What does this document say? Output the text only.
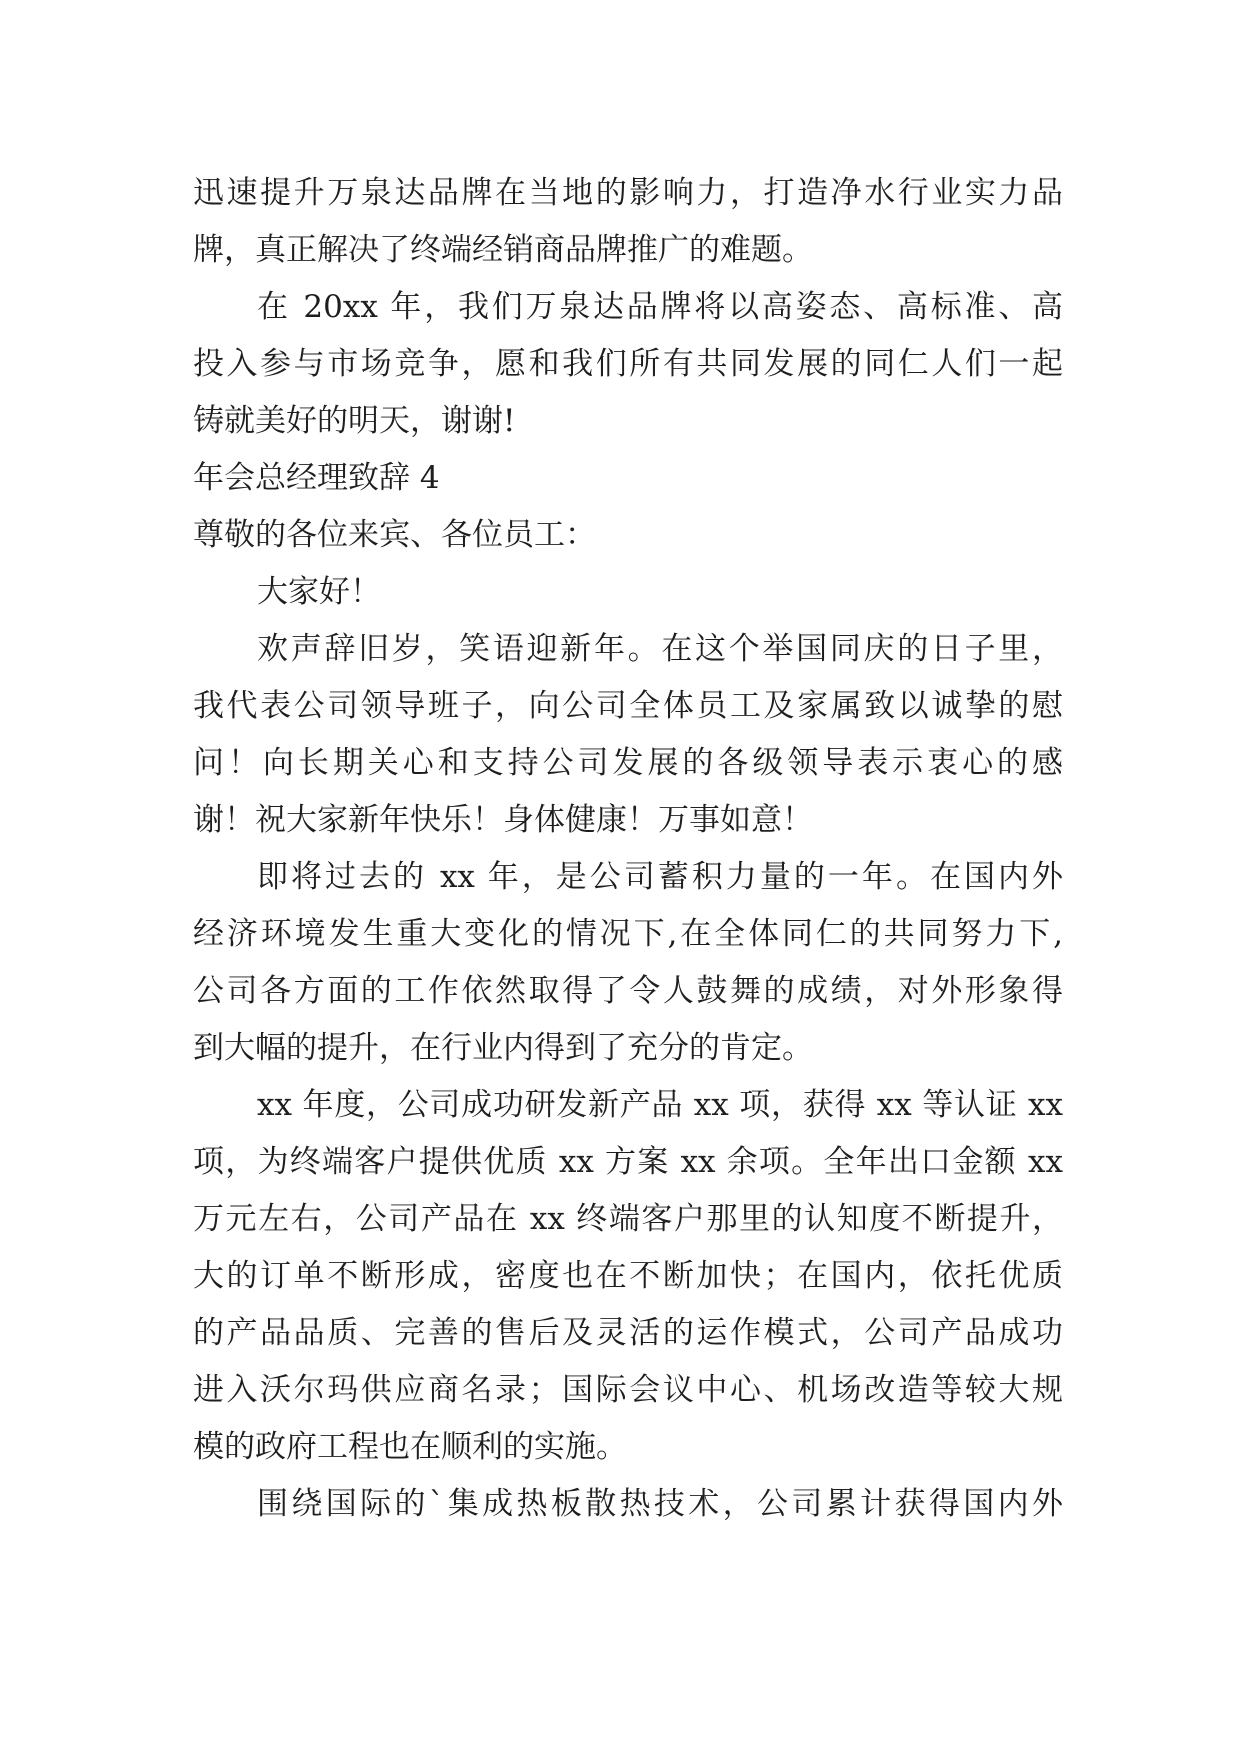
迅速提升万泉达品牌在当地的影响力，打造净水行业实力品

牌，真正解决了终端经销商品牌推广的难题。

在 20xx 年，我们万泉达品牌将以高姿态、高标准、高

投入参与市场竞争，愿和我们所有共同发展的同仁人们一起

铸就美好的明天，谢谢!

年会总经理致辞 4

尊敬的各位来宾、各位员工：

大家好！

欢声辞旧岁，笑语迎新年。在这个举国同庆的日子里，

我代表公司领导班子，向公司全体员工及家属致以诚挚的慰

问！向长期关心和支持公司发展的各级领导表示衷心的感

谢！祝大家新年快乐！身体健康！万事如意！

即将过去的 xx 年，是公司蓄积力量的一年。在国内外

经济环境发生重大变化的情况下,在全体同仁的共同努力下,

公司各方面的工作依然取得了令人鼓舞的成绩，对外形象得

到大幅的提升，在行业内得到了充分的肯定。

xx 年度，公司成功研发新产品 xx 项，获得 xx 等认证 xx

项，为终端客户提供优质 xx 方案 xx 余项。全年出口金额 xx

万元左右，公司产品在 xx 终端客户那里的认知度不断提升，

大的订单不断形成，密度也在不断加快；在国内，依托优质

的产品品质、完善的售后及灵活的运作模式，公司产品成功

进入沃尔玛供应商名录；国际会议中心、机场改造等较大规

模的政府工程也在顺利的实施。

围绕国际的`集成热板散热技术，公司累计获得国内外
